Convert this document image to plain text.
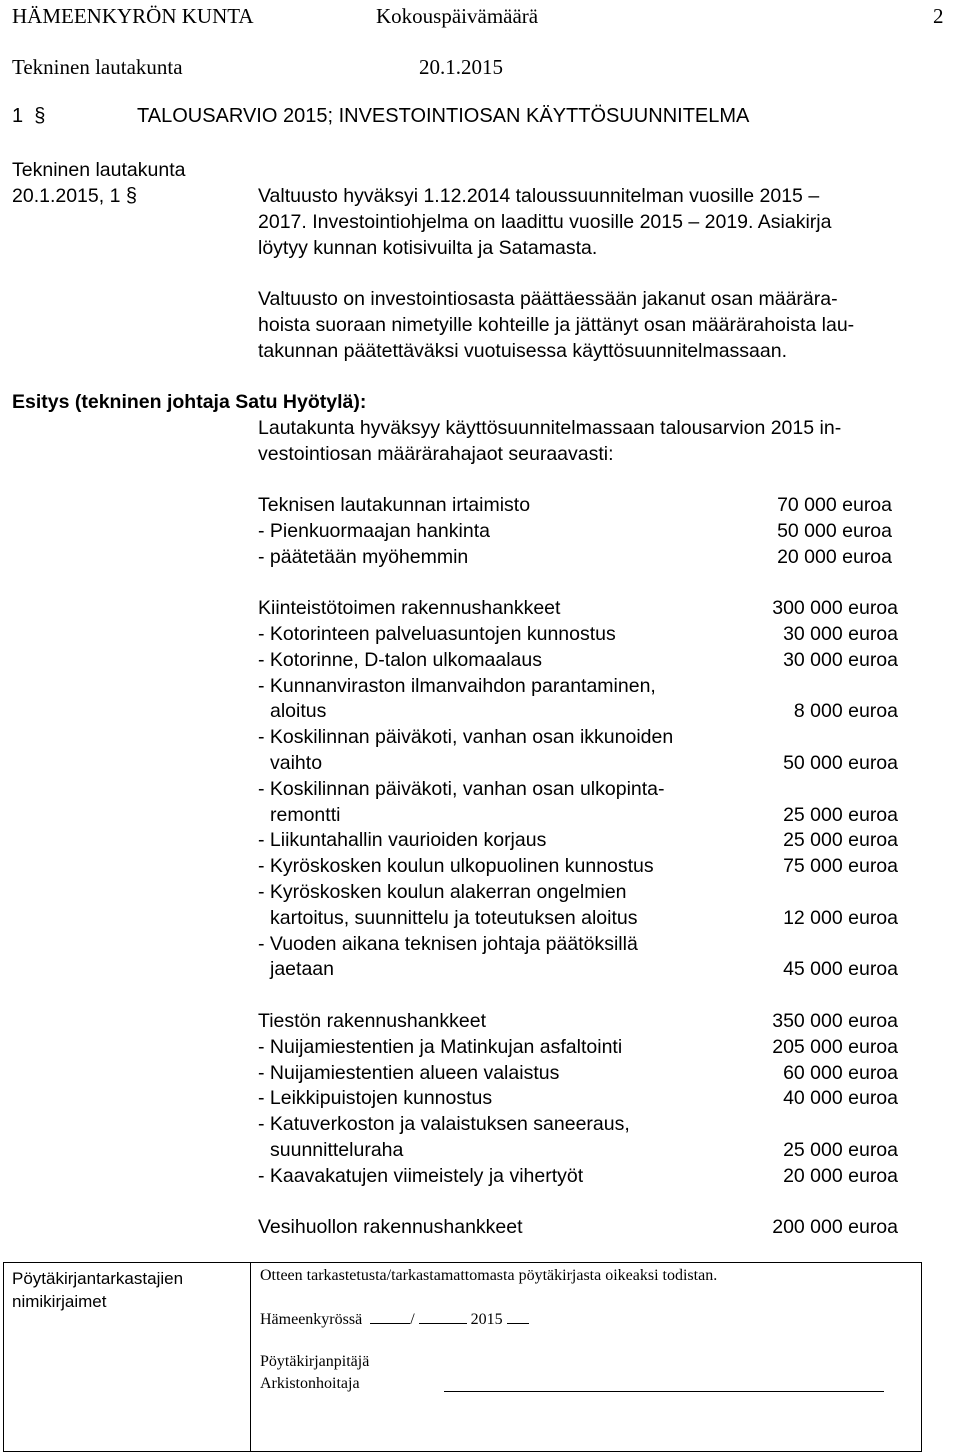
HÄMEENKYRÖN KUNTA	Kokouspäivämäärä	2
Tekninen lautakunta	20.1.2015
1 §	TALOUSARVIO 2015; INVESTOINTIOSAN KÄYTTÖSUUNNITELMA
Tekninen lautakunta
20.1.2015, 1 §	Valtuusto hyväksyi 1.12.2014 taloussuunnitelman vuosille 2015 –
2017. Investointiohjelma on laadittu vuosille 2015 – 2019. Asiakirja
löytyy kunnan kotisivuilta ja Satamasta.
Valtuusto on investointiosasta päättäessään jakanut osan määrära-
hoista suoraan nimetyille kohteille ja jättänyt osan määrärahoista lau-
takunnan päätettäväksi vuotuisessa käyttösuunnitelmassaan.
Esitys (tekninen johtaja Satu Hyötylä):
Lautakunta hyväksyy käyttösuunnitelmassaan talousarvion 2015 in-
vestointiosan määrärahajaot seuraavasti:
Teknisen lautakunnan irtaimisto	70 000 euroa
- Pienkuormaajan hankinta	50 000 euroa
- päätetään myöhemmin	20 000 euroa
Kiinteistötoimen rakennushankkeet	300 000 euroa
- Kotorinteen palveluasuntojen kunnostus	30 000 euroa
- Kotorinne, D-talon ulkomaalaus	30 000 euroa
- Kunnanviraston ilmanvaihdon parantaminen,
aloitus	8 000 euroa
- Koskilinnan päiväkoti, vanhan osan ikkunoiden
vaihto	50 000 euroa
- Koskilinnan päiväkoti, vanhan osan ulkopinta-
remontti	25 000 euroa
- Liikuntahallin vaurioiden korjaus	25 000 euroa
- Kyröskosken koulun ulkopuolinen kunnostus	75 000 euroa
- Kyröskosken koulun alakerran ongelmien
kartoitus, suunnittelu ja toteutuksen aloitus	12 000 euroa
- Vuoden aikana teknisen johtaja päätöksillä
jaetaan	45 000 euroa
Tiestön rakennushankkeet	350 000 euroa
- Nuijamiestentien ja Matinkujan asfaltointi	205 000 euroa
- Nuijamiestentien alueen valaistus	60 000 euroa
- Leikkipuistojen kunnostus	40 000 euroa
- Katuverkoston ja valaistuksen saneeraus,
suunnitteluraha	25 000 euroa
- Kaavakatujen viimeistely ja vihertyöt	20 000 euroa
Vesihuollon rakennushankkeet	200 000 euroa
Pöytäkirjantarkastajien
nimikirjaimet
Otteen tarkastetusta/tarkastamattomasta pöytäkirjasta oikeaksi todistan.
Hämeenkyrössä	/	2015
Pöytäkirjanpitäjä
Arkistonhoitaja
